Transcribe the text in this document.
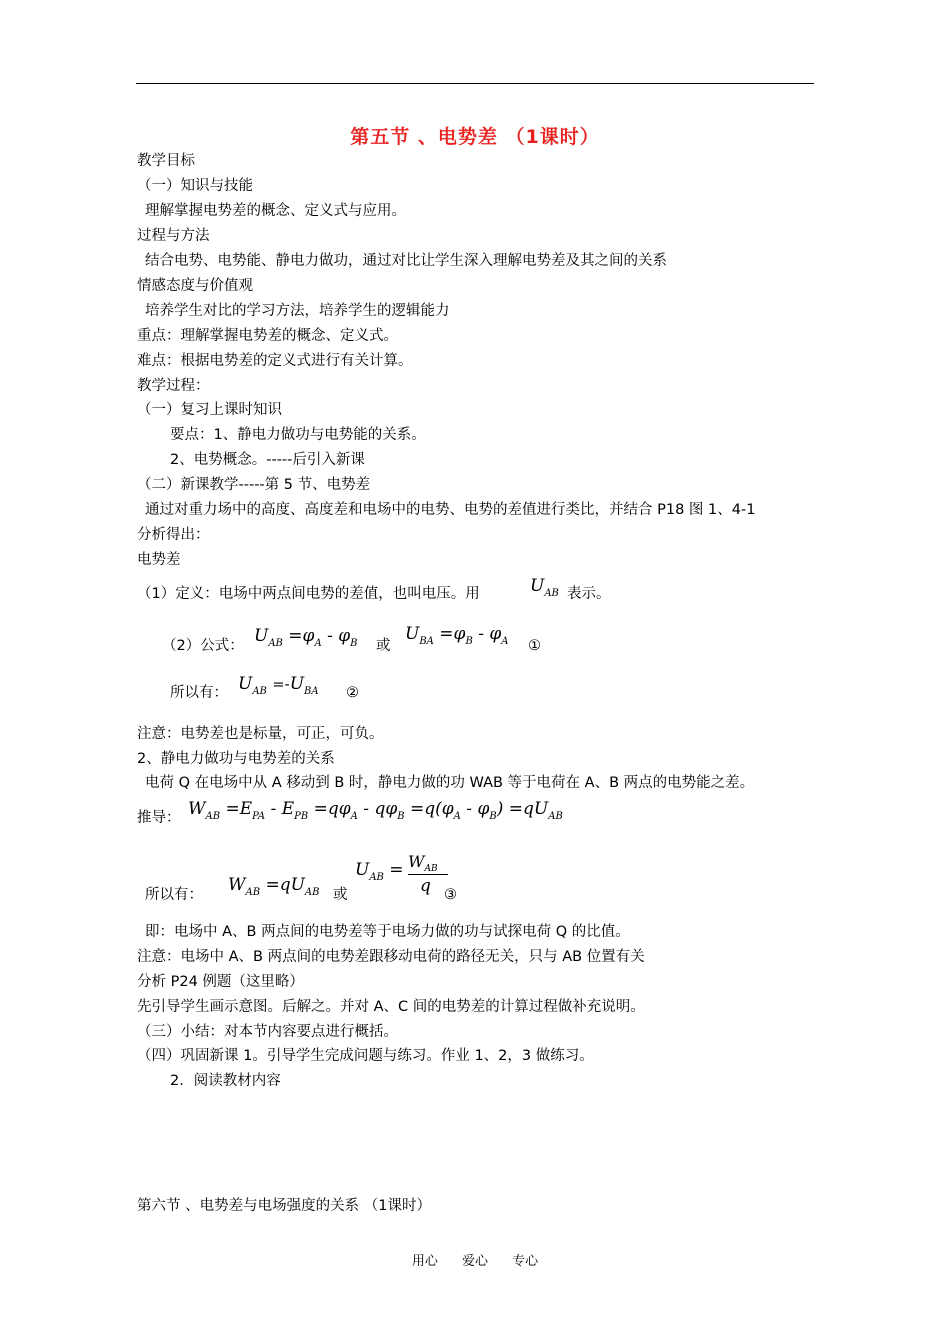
第五节 、电势差 （1课时）
教学目标
（一）知识与技能
理解掌握电势差的概念、定义式与应用。
过程与方法
结合电势、电势能、静电力做功，通过对比让学生深入理解电势差及其之间的关系
情感态度与价值观
培养学生对比的学习方法，培养学生的逻辑能力
重点：理解掌握电势差的概念、定义式。
难点：根据电势差的定义式进行有关计算。
教学过程：
（一）复习上课时知识
要点：1、静电力做功与电势能的关系。
2、电势概念。-----后引入新课
（二）新课教学-----第 5 节、电势差
通过对重力场中的高度、高度差和电场中的电势、电势的差值进行类比，并结合 P18 图 1、4-1
分析得出：
电势差
（1）定义：电场中两点间电势的差值，也叫电压。用	$U_{AB}$ 表示。
（2）公式： $U_{AB} =\varphi_A - \varphi_B$ 或
$U_{BA} =\varphi_B - \varphi_A$ ①
所以有： $U_{AB} =-U_{BA}$ ②
注意：电势差也是标量，可正，可负。
2、静电力做功与电势差的关系
电荷 Q 在电场中从 A 移动到 B 时，静电力做的功 WAB 等于电荷在 A、B 两点的电势能之差。
推导： $W_{AB} =E_{PA} - E_{PB} =q\varphi_A - q\varphi_B =q(\varphi_A - \varphi_B) =qU_{AB}$
所以有： $W_{AB} =qU_{AB}$ 或
$U_{AB} = W_{AB}$
q ③
即：电场中 A、B 两点间的电势差等于电场力做的功与试探电荷 Q 的比值。
注意：电场中 A、B 两点间的电势差跟移动电荷的路径无关，只与 AB 位置有关
分析 P24 例题（这里略）
先引导学生画示意图。后解之。并对 A、C 间的电势差的计算过程做补充说明。
（三）小结：对本节内容要点进行概括。
（四）巩固新课 1。引导学生完成问题与练习。作业 1、2，3 做练习。
2．阅读教材内容
第六节 、电势差与电场强度的关系 （1课时）
用心 爱心 专心
